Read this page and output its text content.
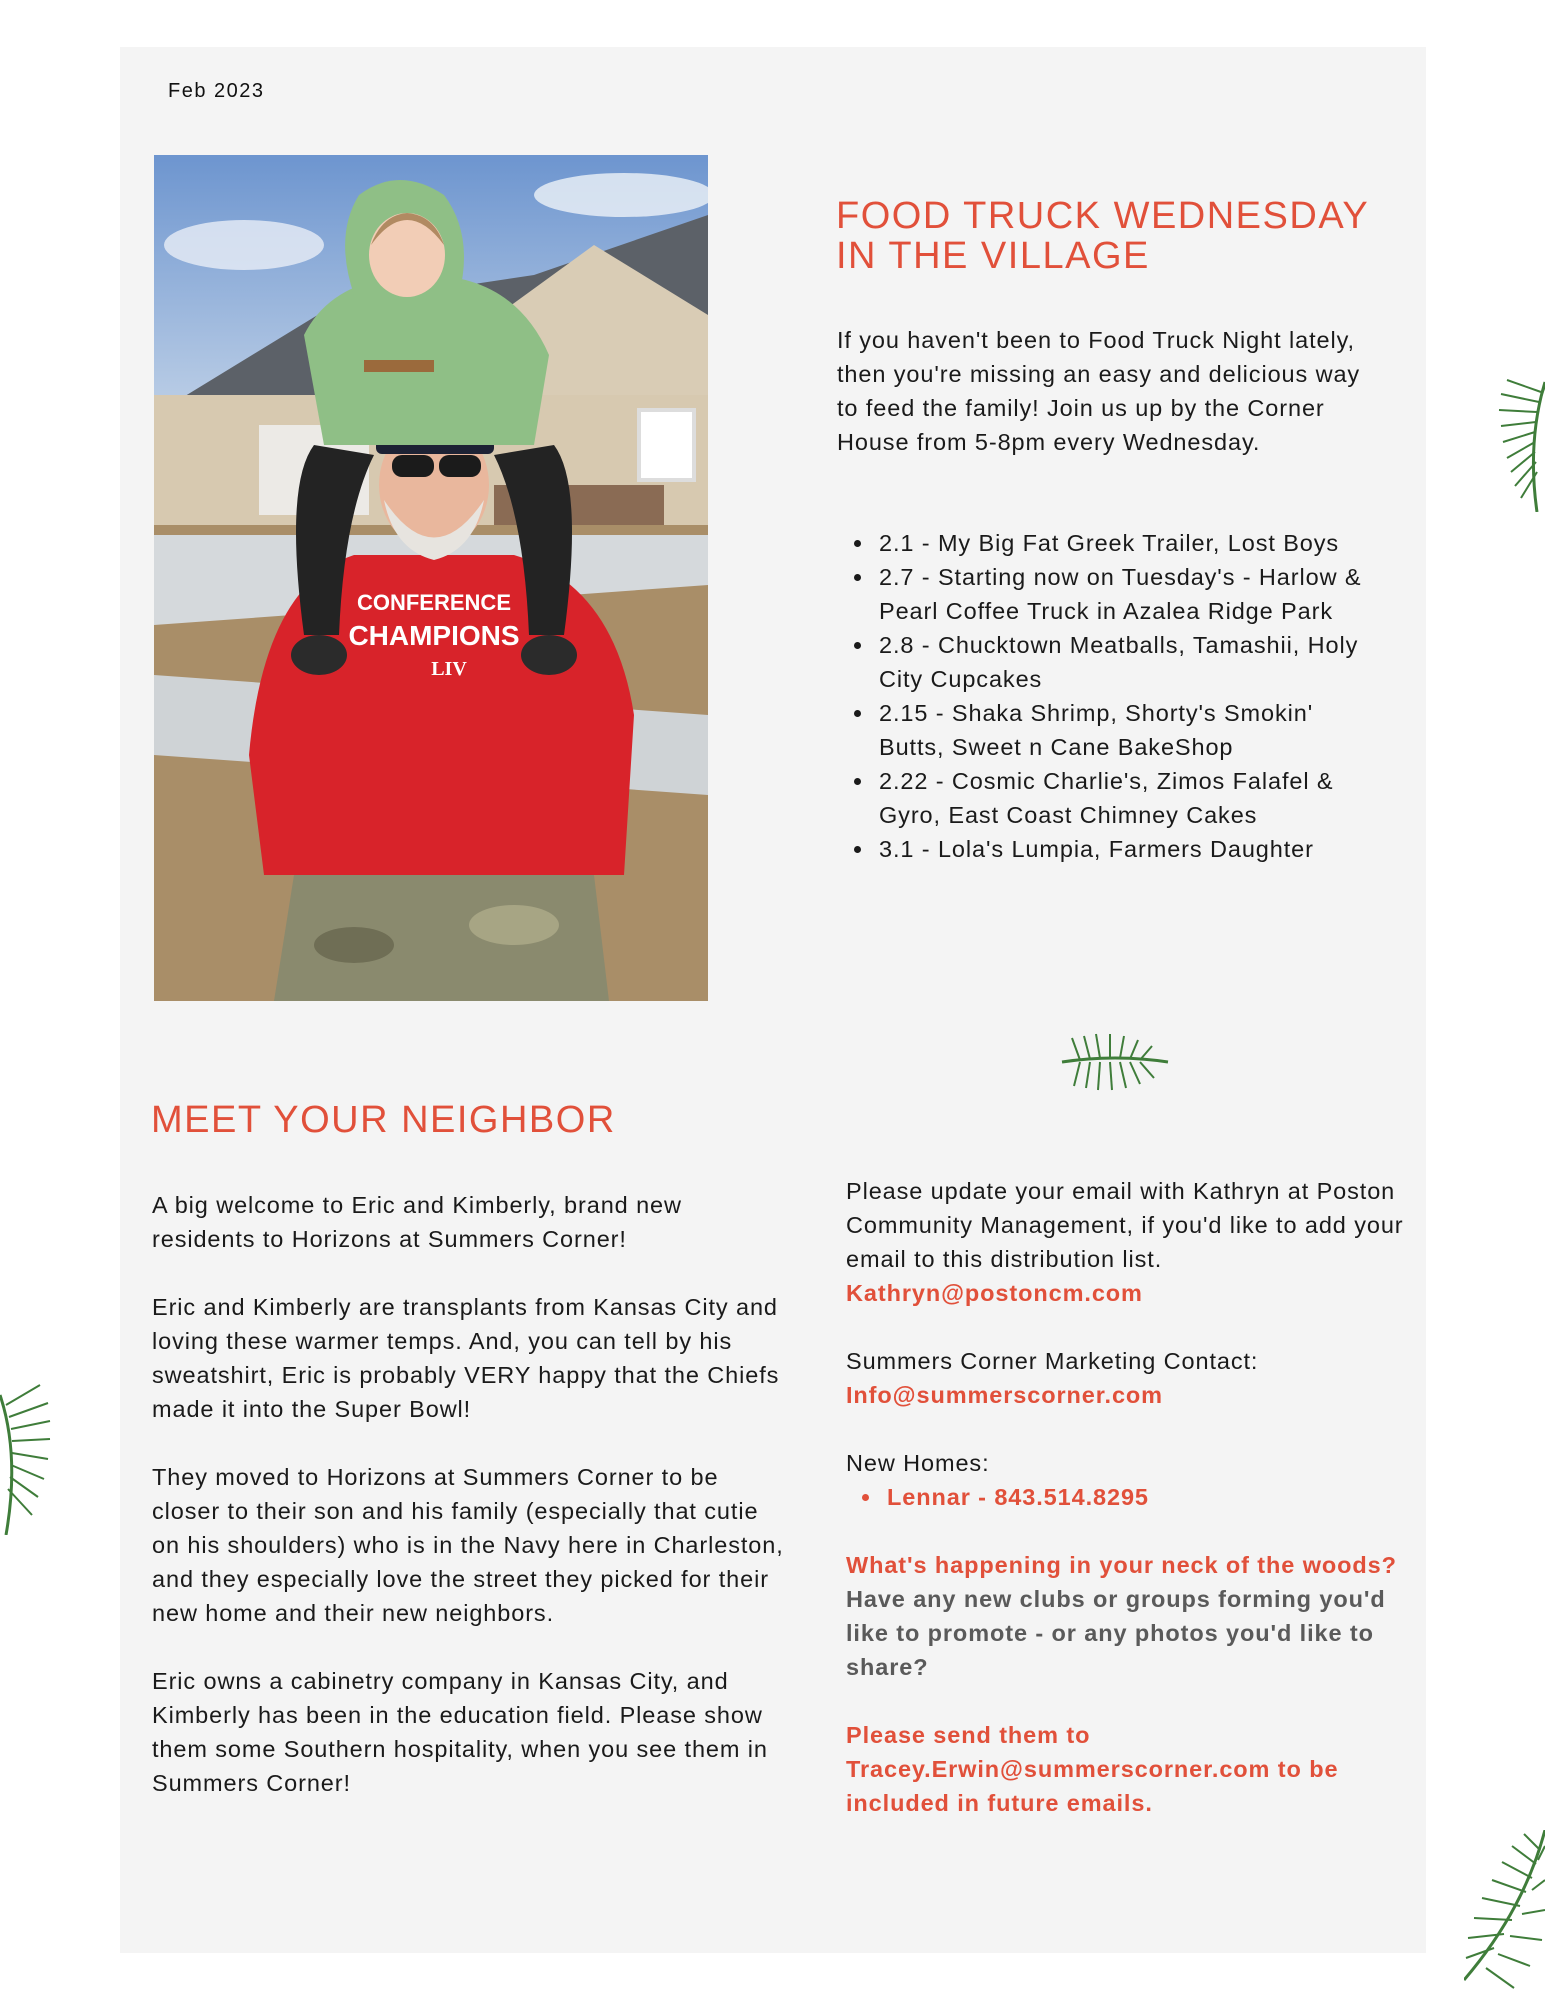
Feb 2023
CONFERENCE
CHAMPIONS
LIV
FOOD TRUCK WEDNESDAY IN THE VILLAGE

If you haven't been to Food Truck Night lately, then you're missing an easy and delicious way to feed the family! Join us up by the Corner House from 5-8pm every Wednesday.

2.1 - My Big Fat Greek Trailer, Lost Boys
2.7 - Starting now on Tuesday's - Harlow & Pearl Coffee Truck in Azalea Ridge Park
2.8 - Chucktown Meatballs, Tamashii, Holy City Cupcakes
2.15 - Shaka Shrimp, Shorty's Smokin' Butts, Sweet n Cane BakeShop
2.22 - Cosmic Charlie's, Zimos Falafel & Gyro, East Coast Chimney Cakes
3.1 - Lola's Lumpia, Farmers Daughter
MEET YOUR NEIGHBOR

A big welcome to Eric and Kimberly, brand new residents to Horizons at Summers Corner!

Eric and Kimberly are transplants from Kansas City and loving these warmer temps. And, you can tell by his sweatshirt, Eric is probably VERY happy that the Chiefs made it into the Super Bowl!

They moved to Horizons at Summers Corner to be closer to their son and his family (especially that cutie on his shoulders) who is in the Navy here in Charleston, and they especially love the street they picked for their new home and their new neighbors.

Eric owns a cabinetry company in Kansas City, and Kimberly has been in the education field. Please show them some Southern hospitality, when you see them in Summers Corner!

Please update your email with Kathryn at Poston Community Management, if you'd like to add your email to this distribution list.
Kathryn@postoncm.com

Summers Corner Marketing Contact:
Info@summerscorner.com

New Homes:
Lennar - 843.514.8295

What's happening in your neck of the woods? Have any new clubs or groups forming you'd like to promote - or any photos you'd like to share?

Please send them to Tracey.Erwin@summerscorner.com to be included in future emails.
